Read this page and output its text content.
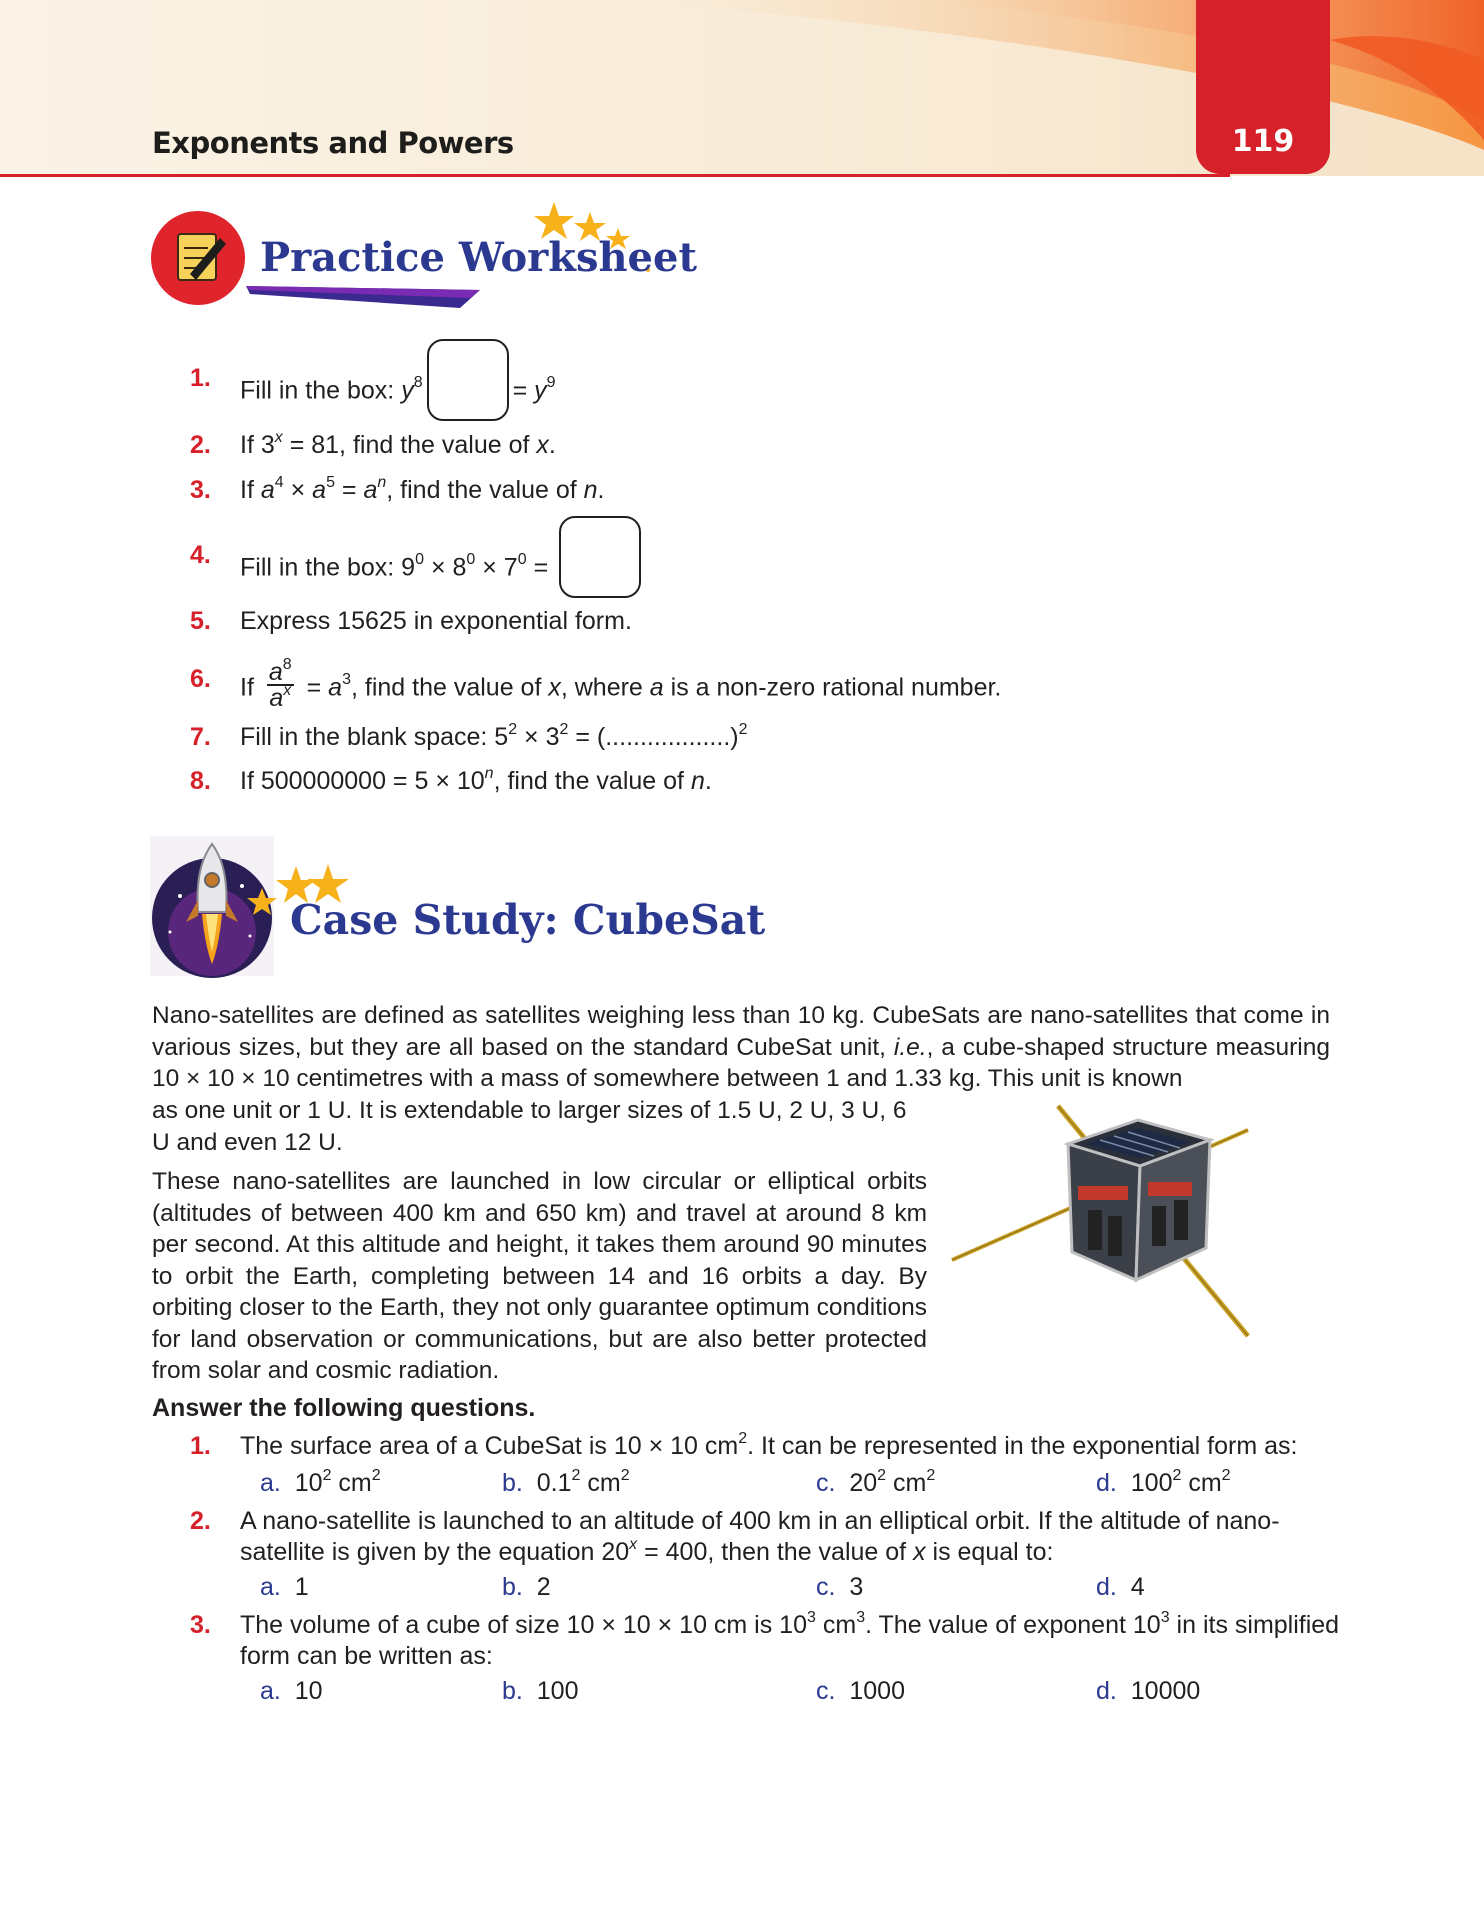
Exponents and Powers	119
Practice Worksheet
1. Fill in the box: $y^8$	= $y^9$
2. If $3^x = 81$, find the value of x.
3. If $a^4 \times a^5 = a^n$, find the value of n.
4. Fill in the box: $9^0 \times 8^0 \times 7^0$ =
5. Express 15625 in exponential form.
6. If $\frac{a^8}{a^x} = a^3$, find the value of x, where a is a non-zero rational number.
7. Fill in the blank space: $5^2 \times 3^2 = (..................)^2$
8. If $500000000 = 5 \times 10^n$, find the value of n.
Case Study: CubeSat
Nano-satellites are defined as satellites weighing less than 10 kg. CubeSats are nano-satellites that come in various sizes, but they are all based on the standard CubeSat unit, i.e., a cube-shaped structure measuring 10 × 10 × 10 centimetres with a mass of somewhere between 1 and 1.33 kg. This unit is known
as one unit or 1 U. It is extendable to larger sizes of 1.5 U, 2 U, 3 U, 6 U and even 12 U.
These nano-satellites are launched in low circular or elliptical orbits (altitudes of between 400 km and 650 km) and travel at around 8 km per second. At this altitude and height, it takes them around 90 minutes to orbit the Earth, completing between 14 and 16 orbits a day. By orbiting closer to the Earth, they not only guarantee optimum conditions for land observation or communications, but are also better protected from solar and cosmic radiation.
Answer the following questions.
1. The surface area of a CubeSat is 10 × 10 $cm^2$. It can be represented in the exponential form as:
a. $10^2$ $cm^2$	b. $0.1^2$ $cm^2$	c. $20^2$ $cm^2$	d. $100^2$ $cm^2$
2. A nano-satellite is launched to an altitude of 400 km in an elliptical orbit. If the altitude of nano-
satellite is given by the equation $20^x = 400$, then the value of x is equal to:
a. 1	b. 2	c. 3	d. 4
3. The volume of a cube of size 10 × 10 × 10 cm is $10^3$ $cm^3$. The value of exponent $10^3$ in its simplified
form can be written as:
a. 10	b. 100	c. 1000	d. 10000
